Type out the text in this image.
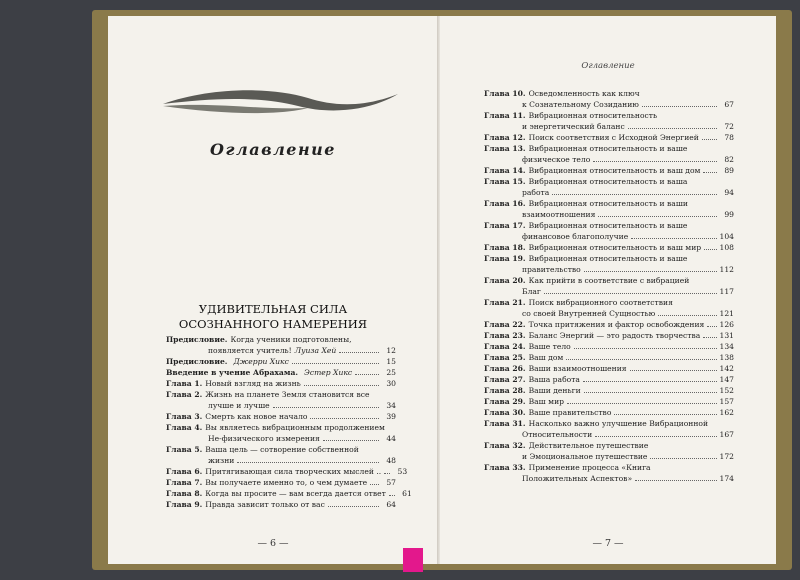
Оглавление
УДИВИТЕЛЬНАЯ СИЛА
ОСОЗНАННОГО НАМЕРЕНИЯ
Предисловие. Когда ученики подготовлены,
появляется учитель! Луиза Хей	12
Предисловие. Джерри Хикс	15
Введение в учение Абрахама. Эстер Хикс	25
Глава 1. Новый взгляд на жизнь	30
Глава 2. Жизнь на планете Земля становится все
лучше и лучше	34
Глава 3. Смерть как новое начало	39
Глава 4. Вы являетесь вибрационным продолжением
Не-физического измерения	44
Глава 5. Ваша цель — сотворение собственной
жизни	48
Глава 6. Притягивающая сила творческих мыслей ..	53
Глава 7. Вы получаете именно то, о чем думаете	57
Глава 8. Когда вы просите — вам всегда дается ответ	61
Глава 9. Правда зависит только от вас	64
— 6 —
Оглавление
Глава 10. Осведомленность как ключ
к Сознательному Созиданию	67
Глава 11. Вибрационная относительность
и энергетический баланс	72
Глава 12. Поиск соответствия с Исходной Энергией	78
Глава 13. Вибрационная относительность и ваше
физическое тело	82
Глава 14. Вибрационная относительность и ваш дом	89
Глава 15. Вибрационная относительность и ваша
работа	94
Глава 16. Вибрационная относительность и ваши
взаимоотношения	99
Глава 17. Вибрационная относительность и ваше
финансовое благополучие	104
Глава 18. Вибрационная относительность и ваш мир 108
Глава 19. Вибрационная относительность и ваше
правительство	112
Глава 20. Как прийти в соответствие с вибрацией
Благ	117
Глава 21. Поиск вибрационного соответствия
со своей Внутренней Сущностью	121
Глава 22. Точка притяжения и фактор освобождения 126
Глава 23. Баланс Энергий — это радость творчества	131
Глава 24. Ваше тело	134
Глава 25. Ваш дом	138
Глава 26. Ваши взаимоотношения	142
Глава 27. Ваша работа	147
Глава 28. Ваши деньги	152
Глава 29. Ваш мир	157
Глава 30. Ваше правительство	162
Глава 31. Насколько важно улучшение Вибрационной
Относительности	167
Глава 32. Действительное путешествие
и Эмоциональное путешествие	172
Глава 33. Применение процесса «Книга
Положительных Аспектов»	174
— 7 —
